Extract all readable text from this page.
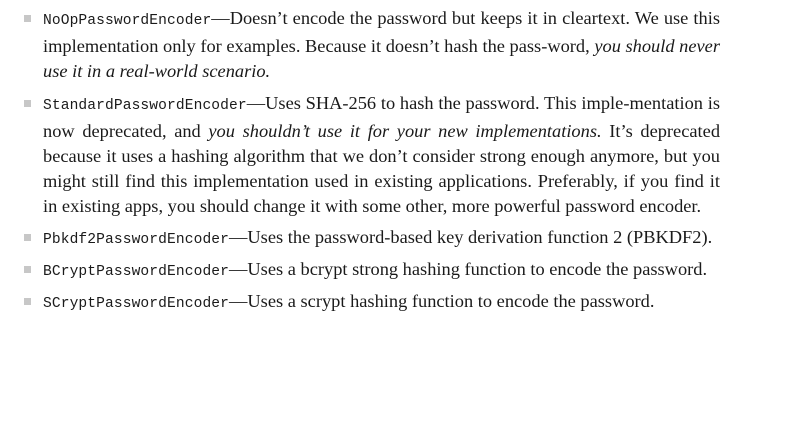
NoOpPasswordEncoder—Doesn’t encode the password but keeps it in cleartext. We use this implementation only for examples. Because it doesn’t hash the pass-word, you should never use it in a real-world scenario.
StandardPasswordEncoder—Uses SHA-256 to hash the password. This imple-mentation is now deprecated, and you shouldn’t use it for your new implementations. It’s deprecated because it uses a hashing algorithm that we don’t consider strong enough anymore, but you might still find this implementation used in existing applications. Preferably, if you find it in existing apps, you should change it with some other, more powerful password encoder.
Pbkdf2PasswordEncoder—Uses the password-based key derivation function 2 (PBKDF2).
BCryptPasswordEncoder—Uses a bcrypt strong hashing function to encode the password.
SCryptPasswordEncoder—Uses a scrypt hashing function to encode the password.
